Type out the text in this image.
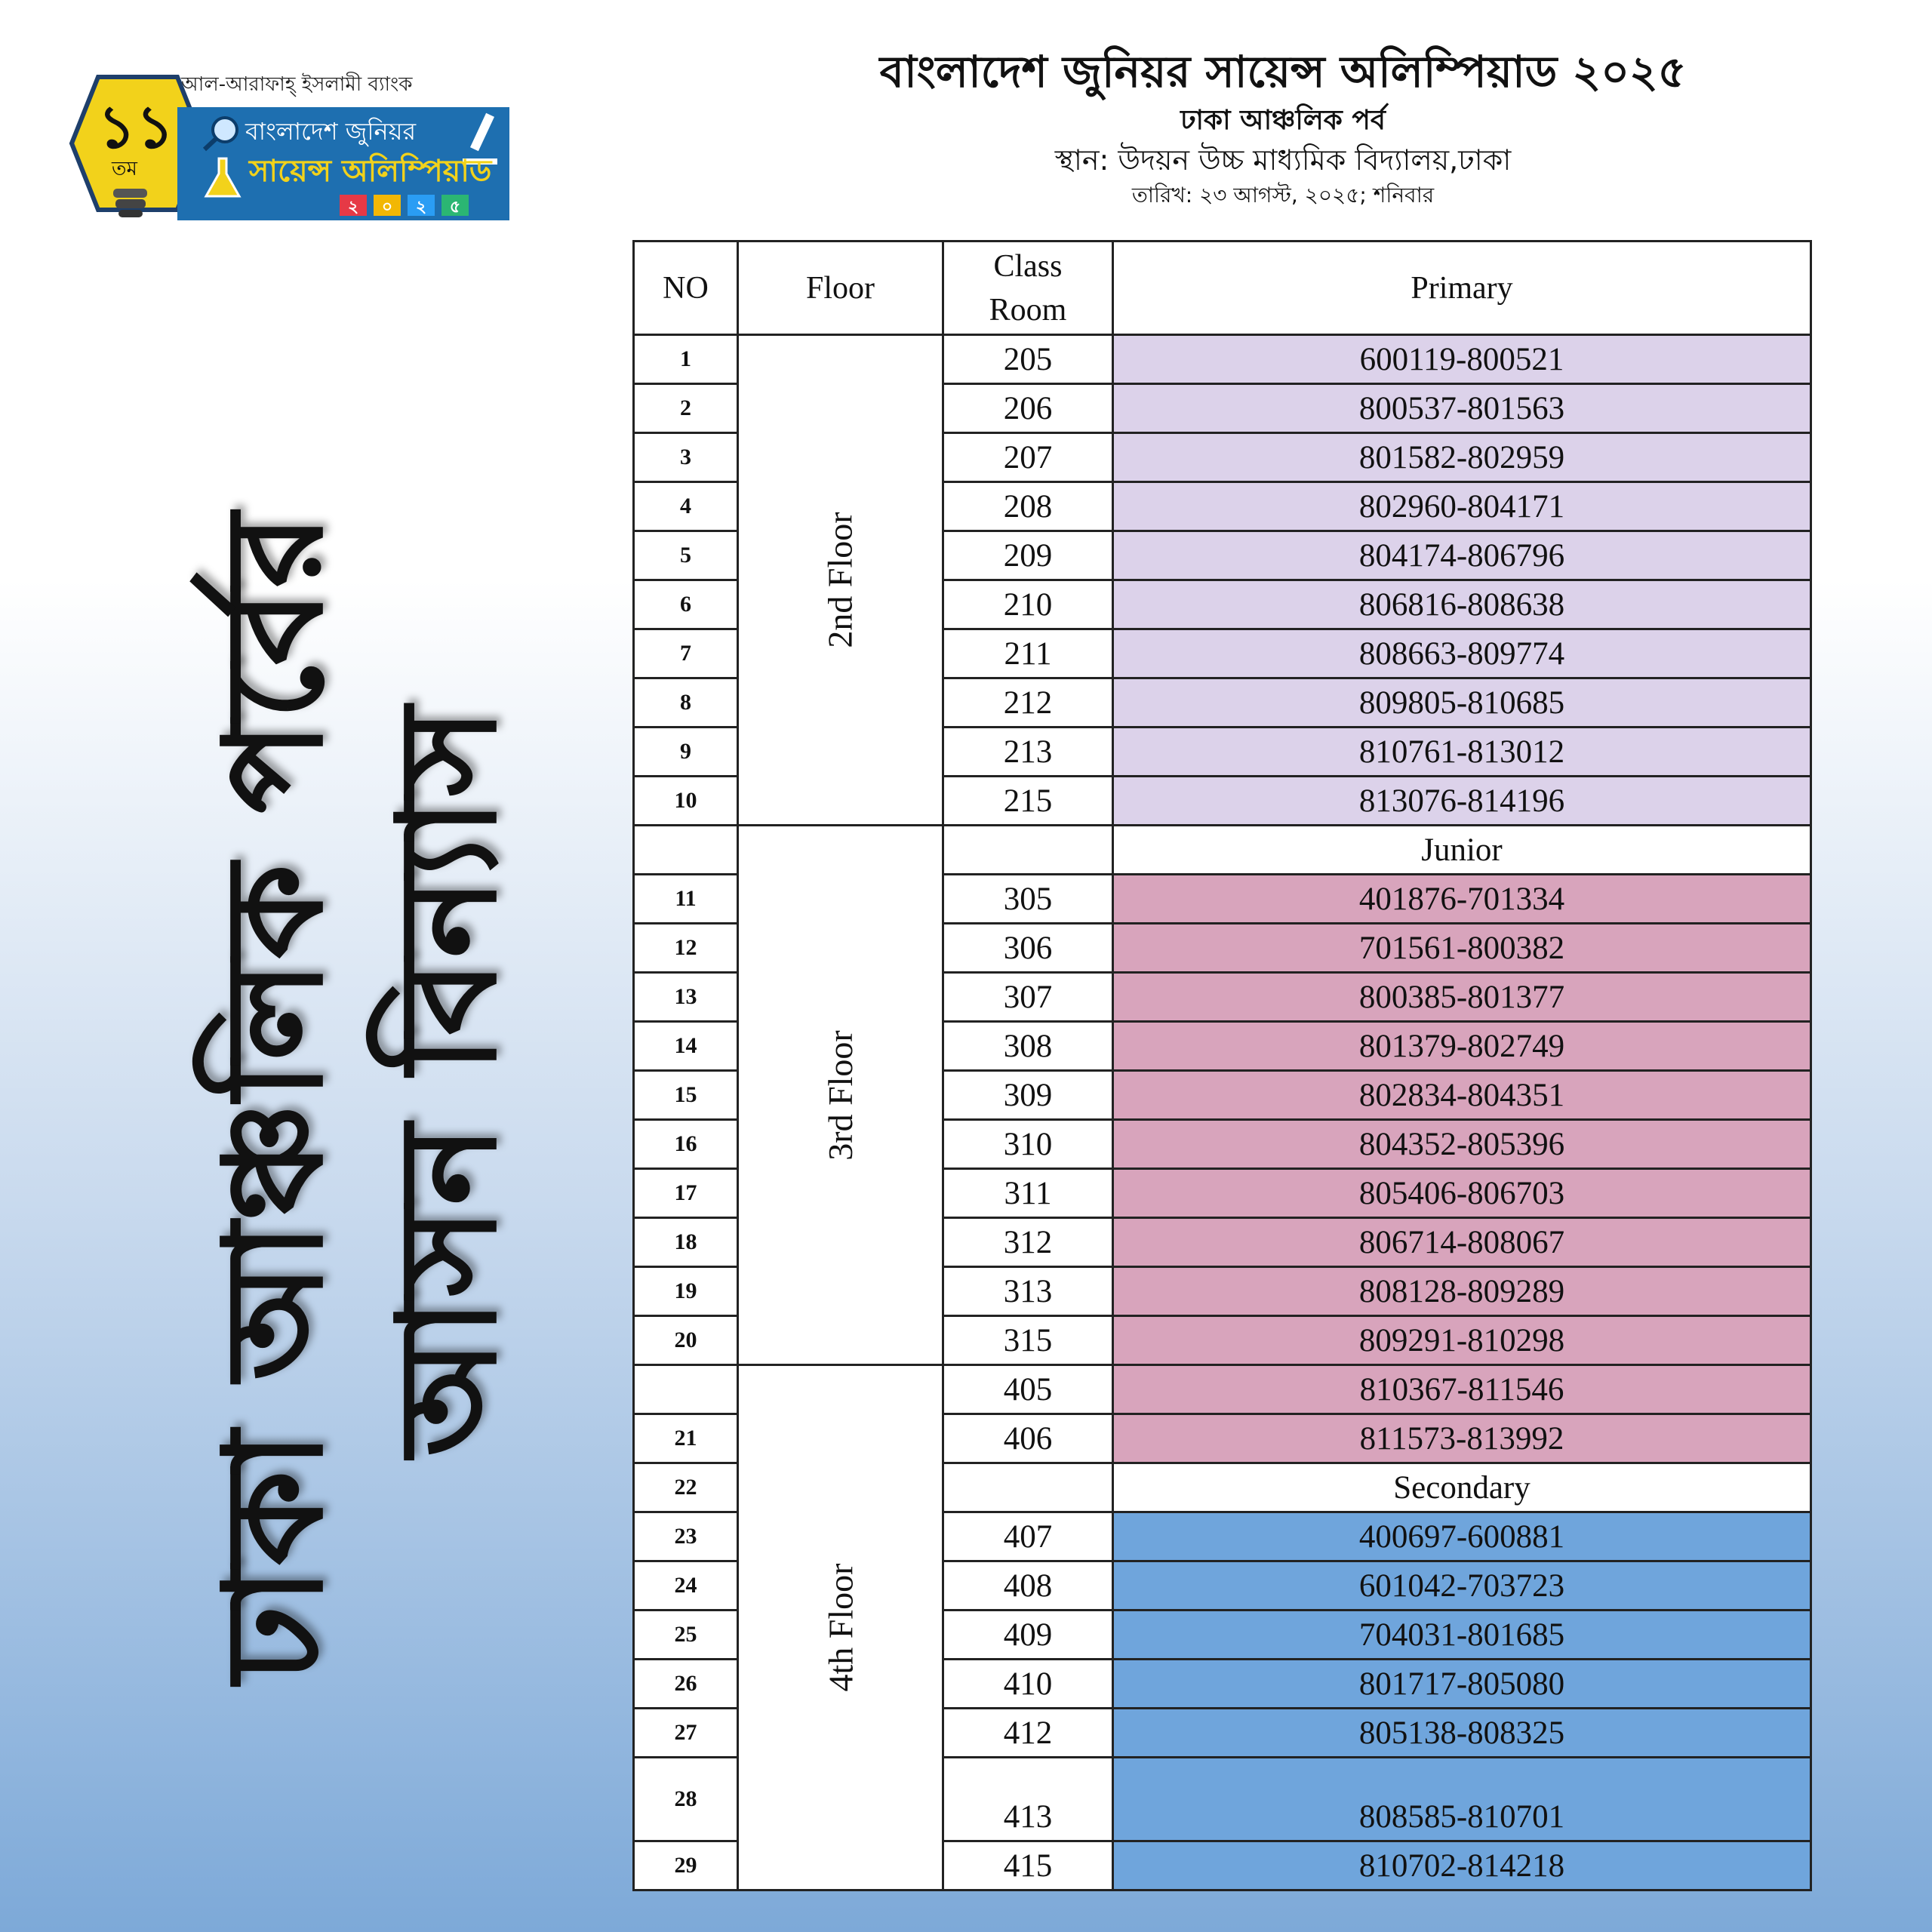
১১
তম
আল-আরাফাহ্ ইসলামী ব্যাংক
বাংলাদেশ জুনিয়র
সায়েন্স অলিম্পিয়াড
২ ০ ২ ৫
ঢাকা আঞ্চলিক পর্বের আসন বিন্যাস
বাংলাদেশ জুনিয়র সায়েন্স অলিম্পিয়াড ২০২৫
ঢাকা আঞ্চলিক পর্ব
স্থান: উদয়ন উচ্চ মাধ্যমিক বিদ্যালয়,ঢাকা
তারিখ: ২৩ আগস্ট, ২০২৫; শনিবার
NO	Floor	Class Room	Primary
1	2nd Floor	205	600119-800521
2		206	800537-801563
3		207	801582-802959
4		208	802960-804171
5		209	804174-806796
6		210	806816-808638
7		211	808663-809774
8		212	809805-810685
9		213	810761-813012
10		215	813076-814196
	3rd Floor		Junior
11		305	401876-701334
12		306	701561-800382
13		307	800385-801377
14		308	801379-802749
15		309	802834-804351
16		310	804352-805396
17		311	805406-806703
18		312	806714-808067
19		313	808128-809289
20		315	809291-810298
	4th Floor	405	810367-811546
21		406	811573-813992
22			Secondary
23		407	400697-600881
24		408	601042-703723
25		409	704031-801685
26		410	801717-805080
27		412	805138-808325
28		413	808585-810701
29		415	810702-814218
